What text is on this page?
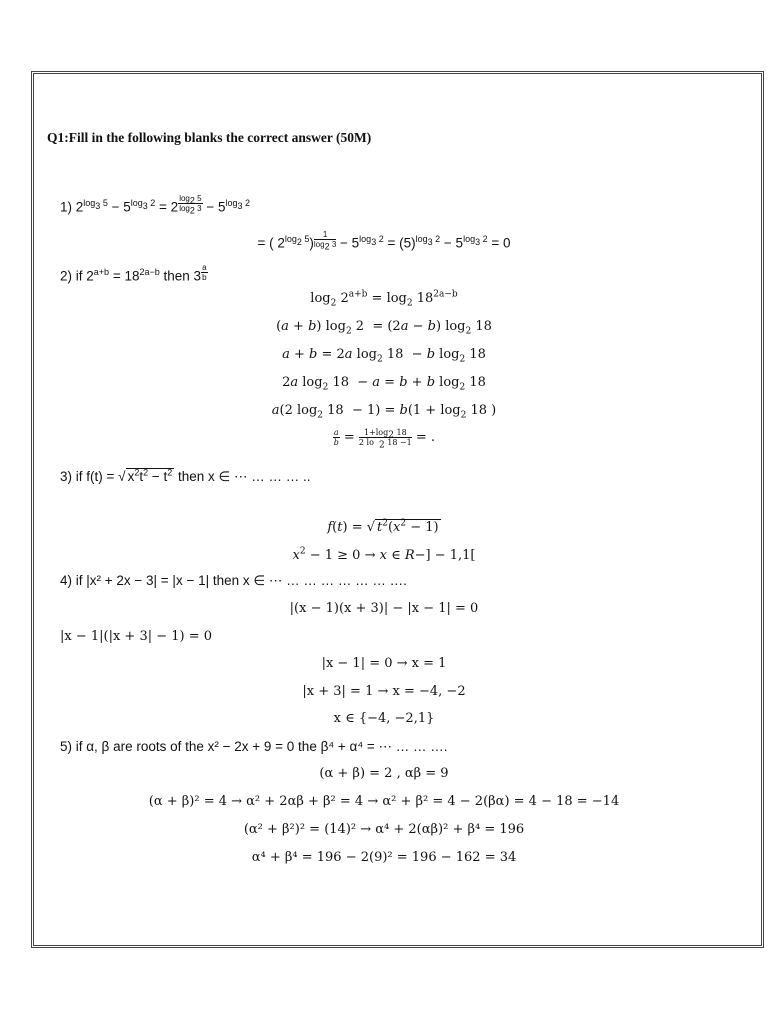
Q1:Fill in the following blanks the correct answer (50M)
1) $2^{log_3 5} - 5^{log_3 2} = 2$ $^{\frac{\log_2 5}{\log_2 3}} - 5^{log_3 2}$
= ( $2^{log_2 5}$) $^{\frac{1}{\log_2 3}} - 5^{log_3 2} = (5)^{log_3 2} - 5^{log_3 2} = 0$
2) if $2^{a+b} = 18^{2a-b}$ then 3 $^{\frac{a}{b}}$
$\log_2 2^{a+b} = \log_2 18^{2a-b}$
(a + b) $\log_2 2 = (2a - b)$ $\log_2 18$
a + b = 2a $\log_2 18 - b$ $\log_2 18$
2a $\log_2 18 - a = b + b$ $\log_2 18$
a(2 $\log_2 18 - 1) = b(1 + \log_2 18$ )
$\frac{a}{b} = \frac{1+\log_2 18}{2 lo _2 18 -1}$ = .
3) if f(t) = √ $x^2t^2 - t^2$ then x ∈ ⋯ … … … ..
f(t) = √ $t^2(x^2 - 1)$
$x^2 - 1 \ge 0 \to x$ ∈ R−] − 1,1[
4) if |x² + 2x − 3| = |x − 1| then x ∈ ⋯ … … … … … … ….
|(x − 1)(x + 3)| − |x − 1| = 0
|x − 1|(|x + 3| − 1) = 0
|x − 1| = 0 → x = 1
|x + 3| = 1 → x = −4, −2
x ∈ {−4, −2,1}
5) if α, β are roots of the x² − 2x + 9 = 0 the β⁴ + α⁴ = ⋯ … … ….
(α + β) = 2 , αβ = 9
(α + β)² = 4 → α² + 2αβ + β² = 4 → α² + β² = 4 − 2(βα) = 4 − 18 = −14
(α² + β²)² = (14)² → α⁴ + 2(αβ)² + β⁴ = 196
α⁴ + β⁴ = 196 − 2(9)² = 196 − 162 = 34
